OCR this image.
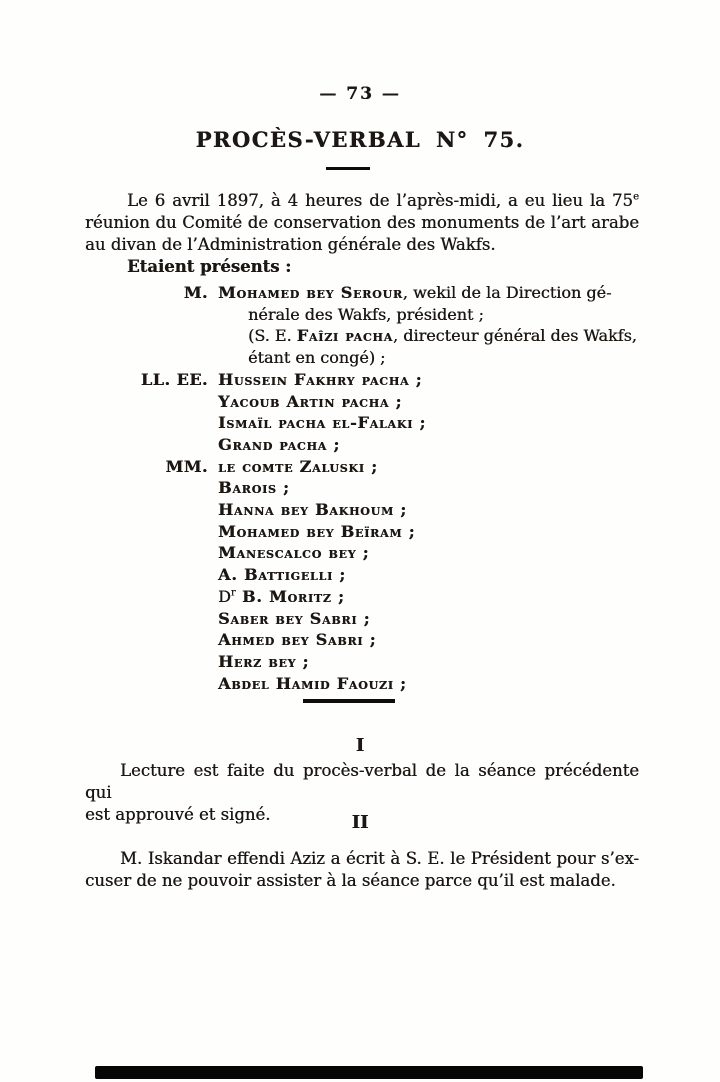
— 73 —
PROCÈS-VERBAL N° 75.
Le 6 avril 1897, à 4 heures de l’après-midi, a eu lieu la 75e
réunion du Comité de conservation des monuments de l’art arabe
au divan de l’Administration générale des Wakfs.
Etaient présents :
M. Mohamed bey Serour, wekil de la Direction gé-
nérale des Wakfs, président ;
(S. E. Faîzi pacha, directeur général des Wakfs,
étant en congé) ;
LL. EE. Hussein Fakhry pacha ;
Yacoub Artin pacha ;
Ismaïl pacha el-Falaki ;
Grand pacha ;
MM. le comte Zaluski ;
Barois ;
Hanna bey Bakhoum ;
Mohamed bey Beïram ;
Manescalco bey ;
A. Battigelli ;
$D^r$ B. Moritz ;
Saber bey Sabri ;
Ahmed bey Sabri ;
Herz bey ;
Abdel Hamid Faouzi ;
I
Lecture est faite du procès-verbal de la séance précédente qui
est approuvé et signé.	II
M. Iskandar effendi Aziz a écrit à S. E. le Président pour s’ex-
cuser de ne pouvoir assister à la séance parce qu’il est malade.
